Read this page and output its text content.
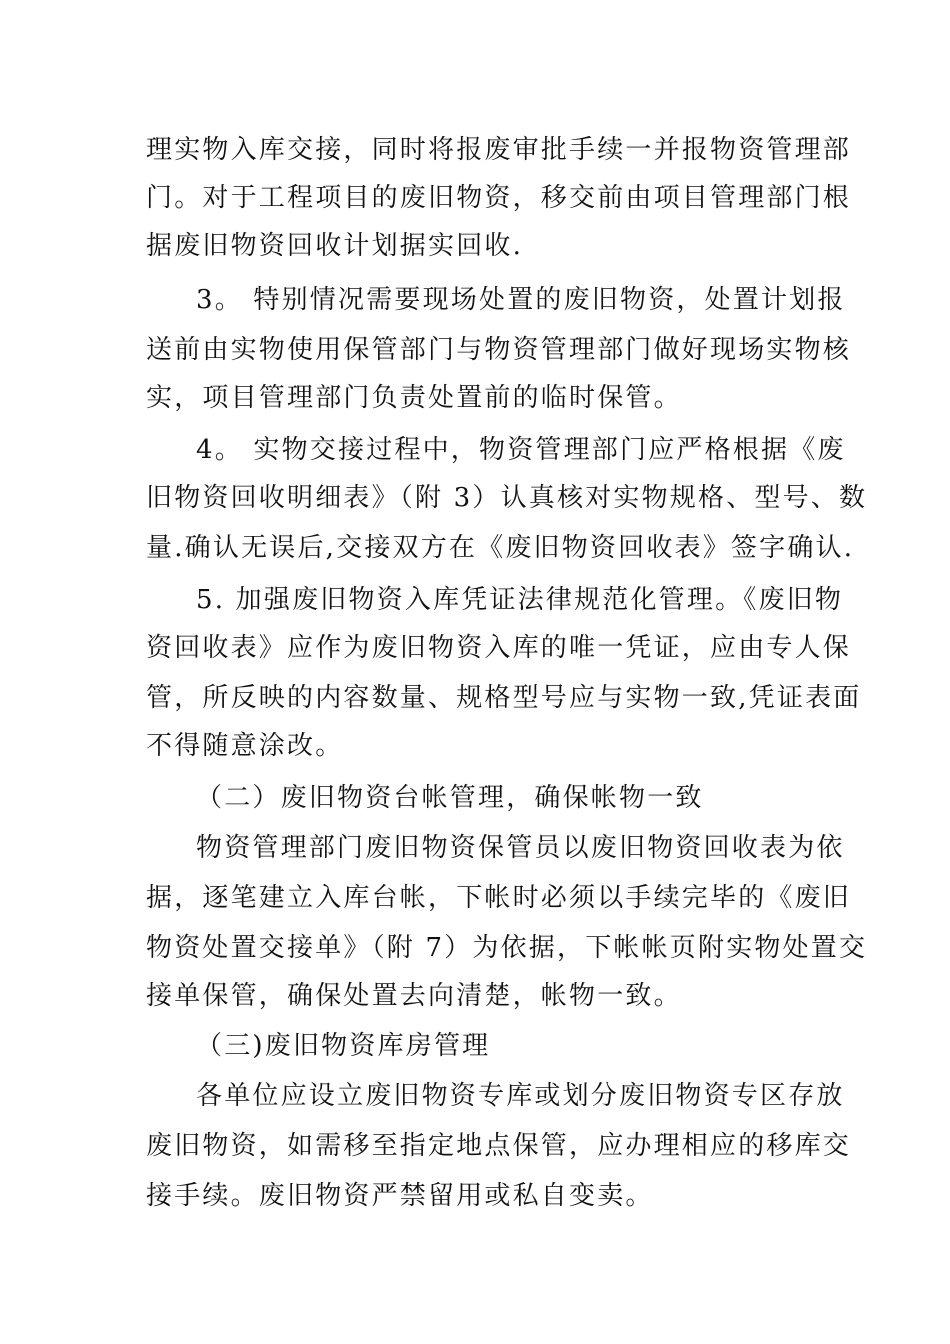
理实物入库交接，同时将报废审批手续一并报物资管理部
门。对于工程项目的废旧物资，移交前由项目管理部门根
据废旧物资回收计划据实回收.
3。 特别情况需要现场处置的废旧物资，处置计划报
送前由实物使用保管部门与物资管理部门做好现场实物核
实，项目管理部门负责处置前的临时保管。
4。 实物交接过程中，物资管理部门应严格根据《废
旧物资回收明细表》（附 3）认真核对实物规格、型号、数
量.确认无误后,交接双方在《废旧物资回收表》签字确认.
5. 加强废旧物资入库凭证法律规范化管理。《废旧物
资回收表》应作为废旧物资入库的唯一凭证，应由专人保
管，所反映的内容数量、规格型号应与实物一致,凭证表面
不得随意涂改。
（二）废旧物资台帐管理，确保帐物一致
物资管理部门废旧物资保管员以废旧物资回收表为依
据，逐笔建立入库台帐，下帐时必须以手续完毕的《废旧
物资处置交接单》（附 7）为依据，下帐帐页附实物处置交
接单保管，确保处置去向清楚，帐物一致。
（三)废旧物资库房管理
各单位应设立废旧物资专库或划分废旧物资专区存放
废旧物资，如需移至指定地点保管，应办理相应的移库交
接手续。废旧物资严禁留用或私自变卖。
